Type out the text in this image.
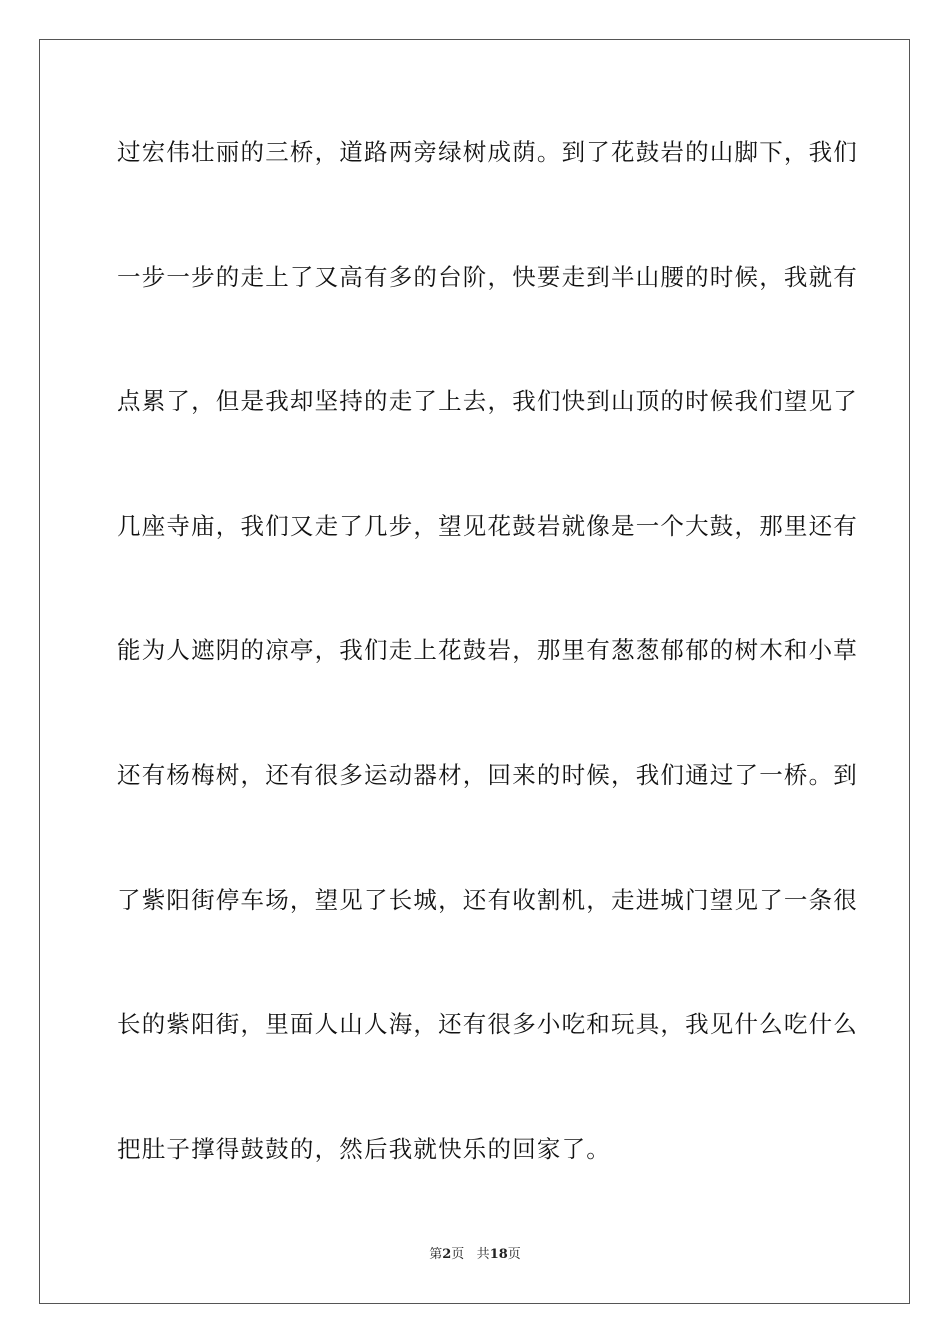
过宏伟壮丽的三桥，道路两旁绿树成荫。到了花鼓岩的山脚下，我们
一步一步的走上了又高有多的台阶，快要走到半山腰的时候，我就有
点累了，但是我却坚持的走了上去，我们快到山顶的时候我们望见了
几座寺庙，我们又走了几步，望见花鼓岩就像是一个大鼓，那里还有
能为人遮阴的凉亭，我们走上花鼓岩，那里有葱葱郁郁的树木和小草
还有杨梅树，还有很多运动器材，回来的时候，我们通过了一桥。到
了紫阳街停车场，望见了长城，还有收割机，走进城门望见了一条很
长的紫阳街，里面人山人海，还有很多小吃和玩具，我见什么吃什么
把肚子撑得鼓鼓的，然后我就快乐的回家了。
第2页 共18页
